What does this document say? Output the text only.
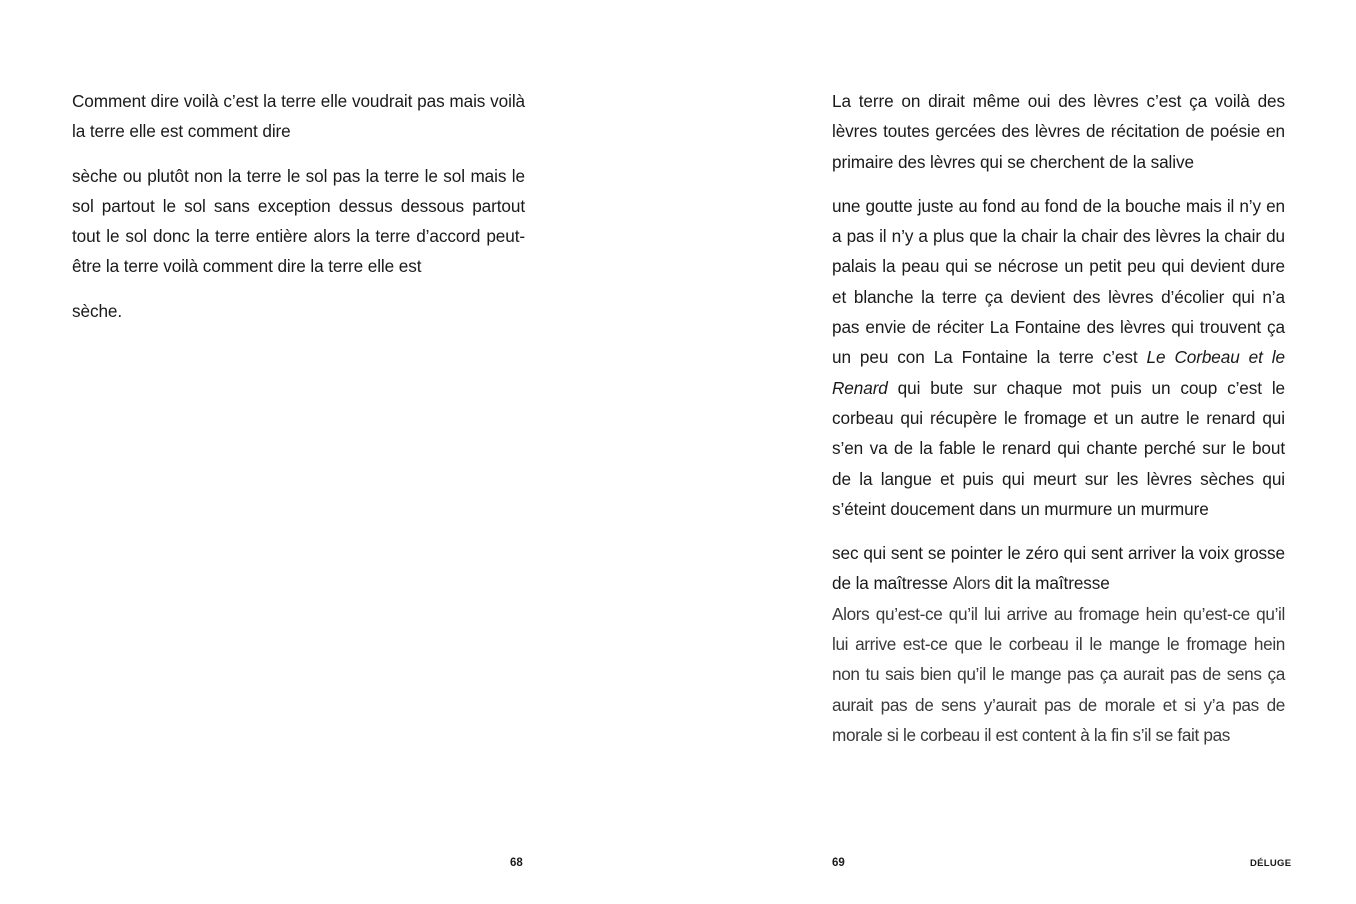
Comment dire voilà c’est la terre elle voudrait pas mais voilà la terre elle est comment dire

sèche ou plutôt non la terre le sol pas la terre le sol mais le sol partout le sol sans exception dessus dessous partout tout le sol donc la terre entière alors la terre d’accord peut-être la terre voilà comment dire la terre elle est

sèche.

68

La terre on dirait même oui des lèvres c’est ça voilà des lèvres toutes gercées des lèvres de récitation de poésie en primaire des lèvres qui se cherchent de la salive

une goutte juste au fond au fond de la bouche mais il n’y en a pas il n’y a plus que la chair la chair des lèvres la chair du palais la peau qui se nécrose un petit peu qui devient dure et blanche la terre ça devient des lèvres d’écolier qui n’a pas envie de réciter La Fontaine des lèvres qui trouvent ça un peu con La Fontaine la terre c’est Le Corbeau et le Renard qui bute sur chaque mot puis un coup c’est le corbeau qui récupère le fromage et un autre le renard qui s’en va de la fable le renard qui chante perché sur le bout de la langue et puis qui meurt sur les lèvres sèches qui s’éteint doucement dans un murmure un murmure

sec qui sent se pointer le zéro qui sent arriver la voix grosse de la maîtresse Alors dit la maîtresse

Alors qu’est-ce qu’il lui arrive au fromage hein qu’est-ce qu’il lui arrive est-ce que le corbeau il le mange le fromage hein non tu sais bien qu’il le mange pas ça aurait pas de sens ça aurait pas de sens y’aurait pas de morale et si y’a pas de morale si le corbeau il est content à la fin s’il se fait pas

69	DÉLUGE
